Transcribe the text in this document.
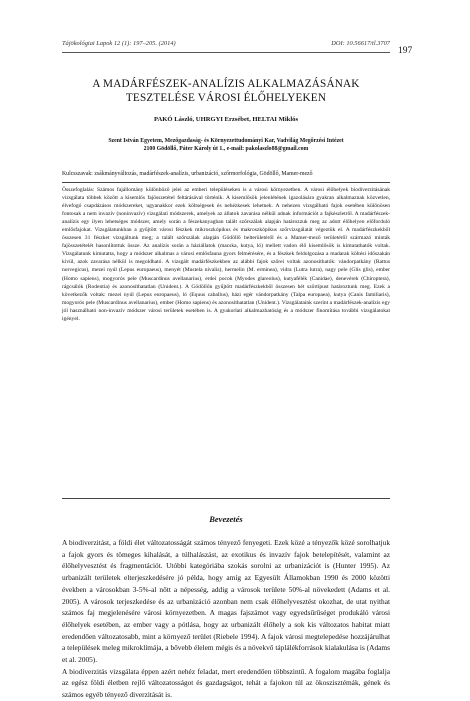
Tájökológiai Lapok 12 (1): 197–205. (2014)	DOI: 10.56617/tl.3707
197
A MADÁRFÉSZEK-ANALÍZIS ALKALMAZÁSÁNAK
TESZTELÉSE VÁROSI ÉLŐHELYEKEN
PAKÓ László, UHRGYI Erzsébet, HELTAI Miklós
Szent István Egyetem, Mezőgazdaság- és Környezettudományi Kar, Vadvilág Megőrzési Intézet
2100 Gödöllő, Páter Károly út 1., e-mail: pakolaszlo88@gmail.com
Kulcsszavak: zsákmányváltozás, madárfészek-analízis, urbanizáció, szőrmorfológia, Gödöllő, Mamer-mező
Összefoglalás: Számos fajállomány különböző jelei az emberi településeken is a városi környezetben. A városi élőhelyek biodiverzitásának vizsgálata többek között a kisemlős fajösszetétel feltárásával történik. A kisemlősök jelenlétének igazolására gyakran alkalmaznak közvetlen, élvefogó csapdázásos módszereket, ugyanakkor ezek költségesek és nehézkesek lehetnek. A nehezen vizsgálható fajok esetében különösen fontosak a nem invazív (noninvazív) vizsgálati módszerek, amelyek az állatok zavarása nélkül adnak információt a fajkészletről. A madárfészek-analízis egy ilyen lehetséges módszer, amely során a fészekanyagban talált szőrszálak alapján határozzuk meg az adott élőhelyen előforduló emlősfajokat. Vizsgálatunkban a gyűjtött városi fészkek mikroszkópikus és makroszkópikus szőrvizsgálatát végeztük el. A madárfészkekből összesen 31 fészket vizsgáltunk meg; a talált szőrszálak alapján Gödöllő belterületéről és a Mamer-mező területéről származó minták fajösszetételét hasonlítottuk össze. Az analízis során a háziállatok (macska, kutya, ló) mellett vadon élő kisemlősök is kimutathatók voltak. Vizsgálatunk kimutatta, hogy a módszer alkalmas a városi emlősfauna gyors felmérésére, és a fészkek feldolgozása a madarak költési időszakán kívül, azok zavarása nélkül is megoldható. A vizsgált madárfészkekben az alábbi fajok szőrei voltak azonosíthatók: vándorpatkány (Rattus norvegicus), mezei nyúl (Lepus europaeus), menyét (Mustela nivalis), hermelin (M. erminea), vidra (Lutra lutra), nagy pele (Glis glis), ember (Homo sapiens), mogyorós pele (Muscardinus avellanarius), erdei pocok (Myodes glareolus), kutyafélék (Canidae), denevérek (Chiroptera), rágcsálók (Rodentia) és azonosíthatatlan (Unident.). A Gödöllőn gyűjtött madárfészkekből összesen hét szőrtípust határoztunk meg. Ezek a következők voltak: mezei nyúl (Lepus europaeus), ló (Equus caballus), házi egér vándorpatkány (Talpa europaea), kutya (Canis familiaris), mogyorós pele (Muscardinus avellanarius), ember (Homo sapiens) és azonosíthatatlan (Unident.). Vizsgálataink szerint a madárfészek-analízis egy jól használható non-invazív módszer városi területek esetében is. A gyakorlati alkalmazhatóság és a módszer finomítása további vizsgálatokat igényel.
Bevezetés

A biodiverzitást, a földi élet változatosságát számos tényező fenyegeti. Ezek közé a tényezők közé sorolhatjuk a fajok gyors és tömeges kihalását, a túlhalászást, az exotikus és invazív fajok betelepítését, valamint az élőhelyvesztést és fragmentációt. Utóbbi kategóriába szokás sorolni az urbanizációt is (Hunter 1995). Az urbanizált területek elterjeszkedésére jó példa, hogy amíg az Egyesült Államokban 1990 és 2000 közötti években a városokban 3-5%-al nőtt a népesség, addig a városok területe 50%-al növekedett (Adams et al. 2005). A városok terjeszkedése és az urbanizáció azonban nem csak élőhelyvesztést okozhat, de utat nyithat számos faj megjelenésére városi környezetben. A magas fajszámot vagy egyedsűrűséget produkáló városi élőhelyek esetében, az ember vagy a pótlása, hogy az urbanizált élőhely a sok kis változatos habitat miatt eredendően változatosabb, mint a környező terület (Riebele 1994). A fajok városi megtelepedése hozzájárulhat a települések meleg mikroklímája, a bővebb élelem mégis és a növekvő táplálékforrások kialakulása is (Adams et al. 2005).

A biodiverzitás vizsgálata éppen azért nehéz feladat, mert eredendően többszintű. A fogalom magába foglalja az egész földi életben rejlő változatosságot és gazdagságot, tehát a fajokon túl az ökoszisztémák, gének és számos egyéb tényező diverzitását is.
